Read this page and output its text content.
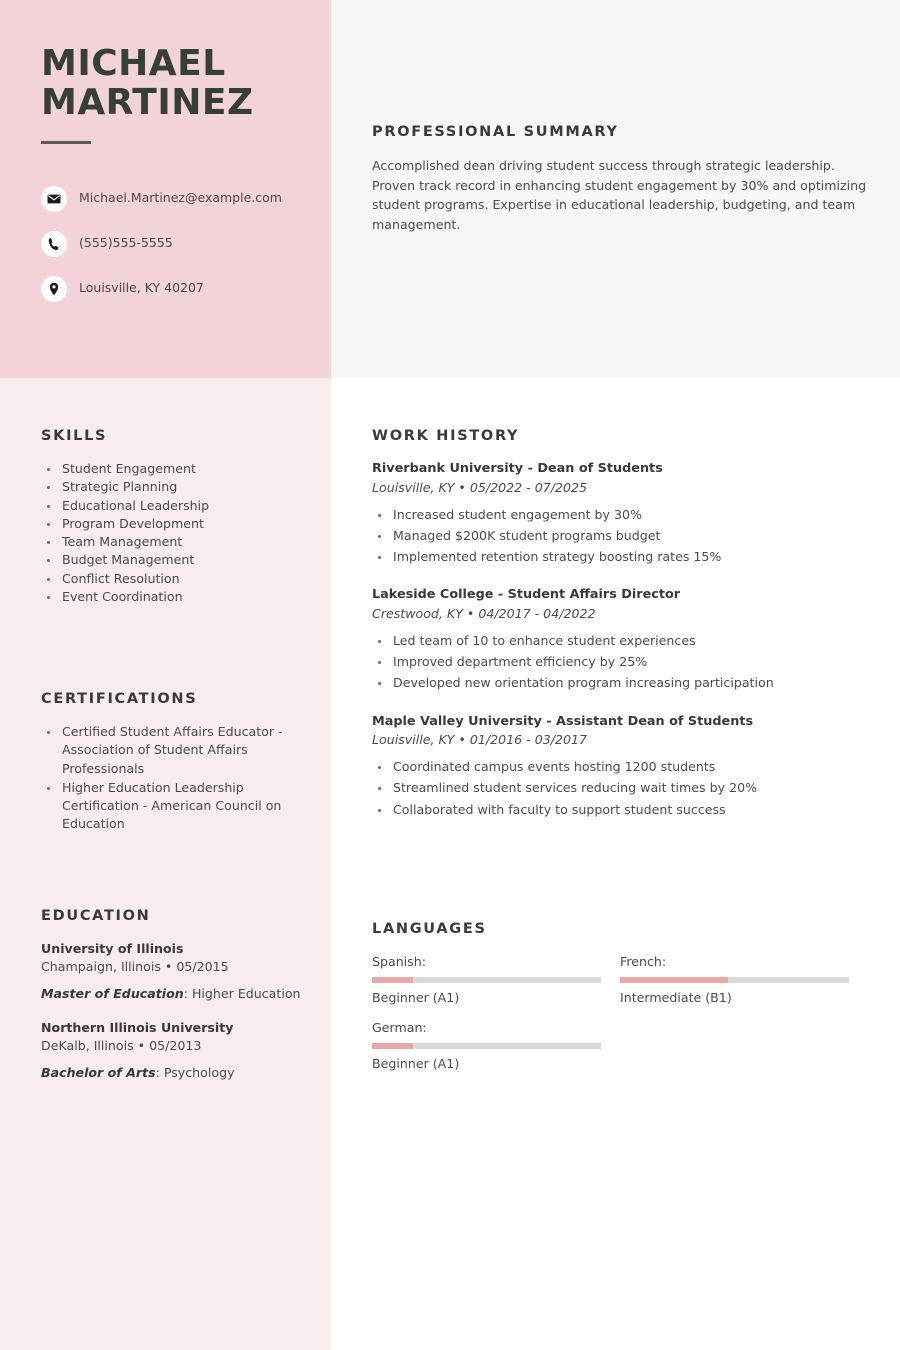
MICHAEL
MARTINEZ
Michael.Martinez@example.com
(555)555-5555
Louisville, KY 40207
SKILLS
Student Engagement
Strategic Planning
Educational Leadership
Program Development
Team Management
Budget Management
Conflict Resolution
Event Coordination
CERTIFICATIONS
Certified Student Affairs Educator - Association of Student Affairs Professionals
Higher Education Leadership Certification - American Council on Education
EDUCATION
University of Illinois
Champaign, Illinois • 05/2015
Master of Education: Higher Education
Northern Illinois University
DeKalb, Illinois • 05/2013
Bachelor of Arts: Psychology
PROFESSIONAL SUMMARY
Accomplished dean driving student success through strategic leadership. Proven track record in enhancing student engagement by 30% and optimizing student programs. Expertise in educational leadership, budgeting, and team management.
WORK HISTORY
Riverbank University - Dean of Students
Louisville, KY • 05/2022 - 07/2025
Increased student engagement by 30%
Managed $200K student programs budget
Implemented retention strategy boosting rates 15%
Lakeside College - Student Affairs Director
Crestwood, KY • 04/2017 - 04/2022
Led team of 10 to enhance student experiences
Improved department efficiency by 25%
Developed new orientation program increasing participation
Maple Valley University - Assistant Dean of Students
Louisville, KY • 01/2016 - 03/2017
Coordinated campus events hosting 1200 students
Streamlined student services reducing wait times by 20%
Collaborated with faculty to support student success
LANGUAGES
Spanish:
Beginner (A1)
French:
Intermediate (B1)
German:
Beginner (A1)
